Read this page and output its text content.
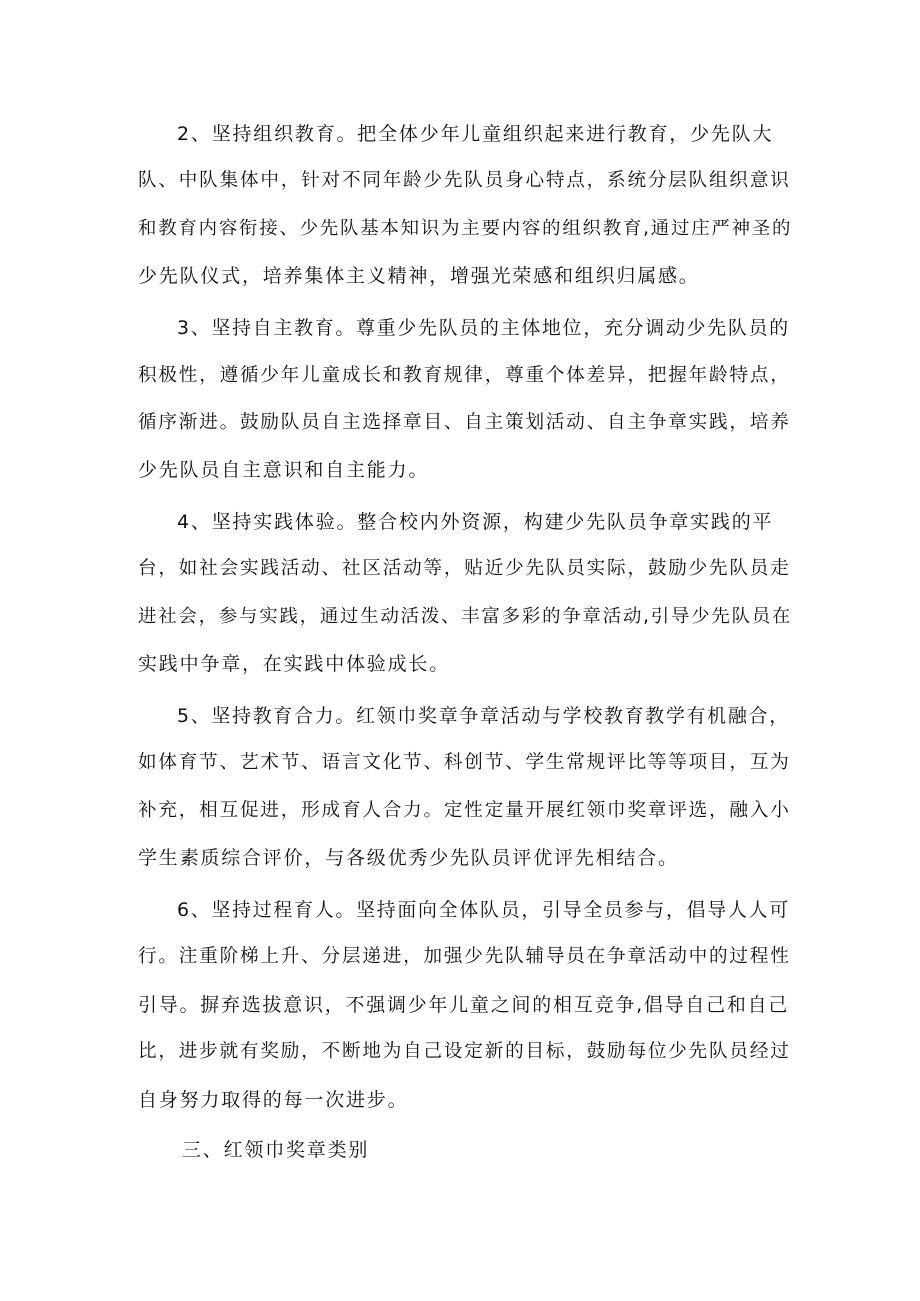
2、坚持组织教育。把全体少年儿童组织起来进行教育，少先队大
队、中队集体中，针对不同年龄少先队员身心特点，系统分层队组织意识
和教育内容衔接、少先队基本知识为主要内容的组织教育,通过庄严神圣的
少先队仪式，培养集体主义精神，增强光荣感和组织归属感。
3、坚持自主教育。尊重少先队员的主体地位，充分调动少先队员的
积极性，遵循少年儿童成长和教育规律，尊重个体差异，把握年龄特点，
循序渐进。鼓励队员自主选择章目、自主策划活动、自主争章实践，培养
少先队员自主意识和自主能力。
4、坚持实践体验。整合校内外资源，构建少先队员争章实践的平
台，如社会实践活动、社区活动等，贴近少先队员实际，鼓励少先队员走
进社会，参与实践，通过生动活泼、丰富多彩的争章活动,引导少先队员在
实践中争章，在实践中体验成长。
5、坚持教育合力。红领巾奖章争章活动与学校教育教学有机融合，
如体育节、艺术节、语言文化节、科创节、学生常规评比等等项目，互为
补充，相互促进，形成育人合力。定性定量开展红领巾奖章评选，融入小
学生素质综合评价，与各级优秀少先队员评优评先相结合。
6、坚持过程育人。坚持面向全体队员，引导全员参与，倡导人人可
行。注重阶梯上升、分层递进，加强少先队辅导员在争章活动中的过程性
引导。摒弃选拔意识，不强调少年儿童之间的相互竞争,倡导自己和自己
比，进步就有奖励，不断地为自己设定新的目标，鼓励每位少先队员经过
自身努力取得的每一次进步。
三、红领巾奖章类别
